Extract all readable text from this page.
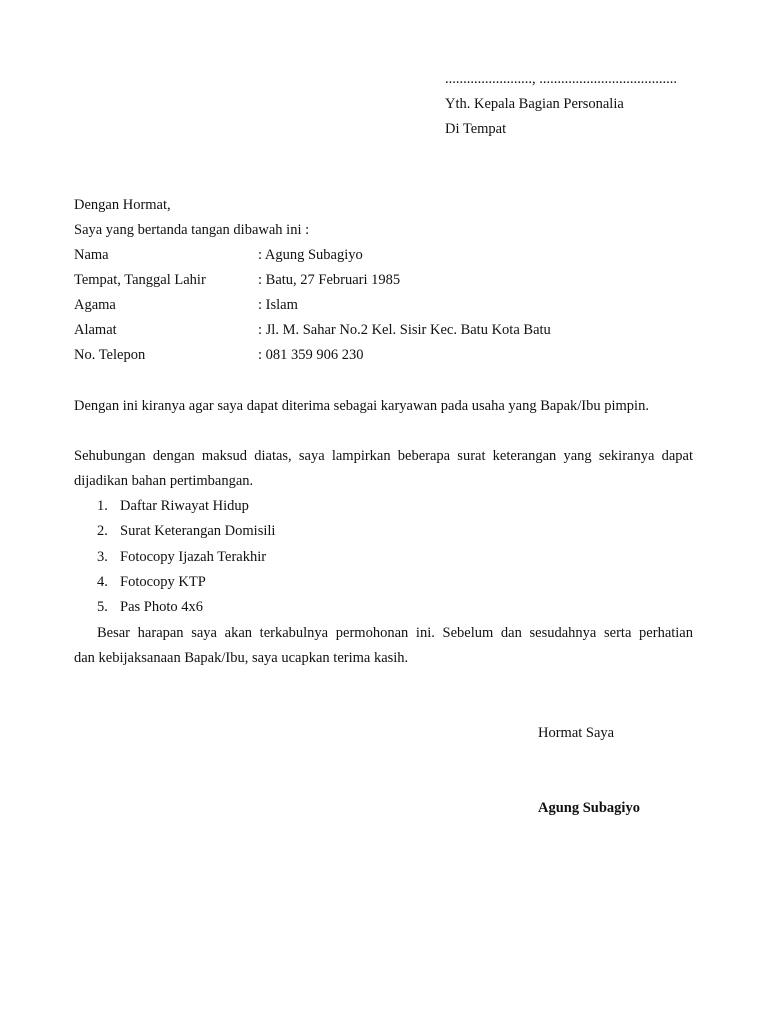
........................, ......................................
Yth. Kepala Bagian Personalia
Di Tempat
Dengan Hormat,
Saya yang bertanda tangan dibawah ini :
Nama	: Agung Subagiyo
Tempat, Tanggal Lahir	: Batu, 27 Februari 1985
Agama	: Islam
Alamat	: Jl. M. Sahar No.2 Kel. Sisir Kec. Batu Kota Batu
No. Telepon	: 081 359 906 230
Dengan ini kiranya agar saya dapat diterima sebagai karyawan pada usaha yang Bapak/Ibu pimpin.
Sehubungan dengan maksud diatas, saya lampirkan beberapa surat keterangan yang sekiranya dapat
dijadikan bahan pertimbangan.
1. Daftar Riwayat Hidup
2. Surat Keterangan Domisili
3. Fotocopy Ijazah Terakhir
4. Fotocopy KTP
5. Pas Photo 4x6
Besar harapan saya akan terkabulnya permohonan ini. Sebelum dan sesudahnya serta perhatian
dan kebijaksanaan Bapak/Ibu, saya ucapkan terima kasih.
Hormat Saya
Agung Subagiyo
